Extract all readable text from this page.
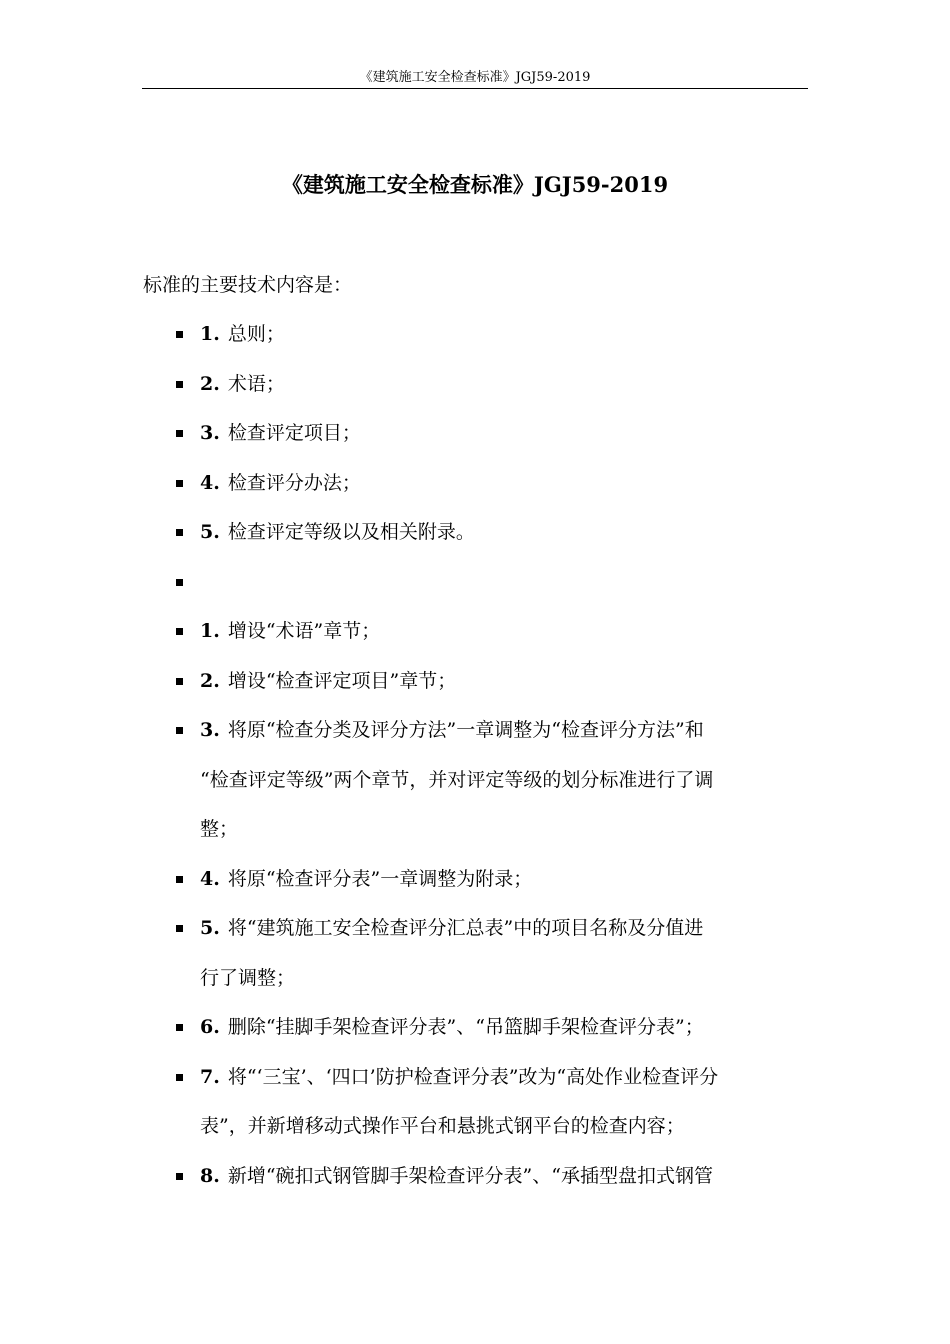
《建筑施工安全检查标准》JGJ59-2019
《建筑施工安全检查标准》JGJ59-2019

标准的主要技术内容是：

1. 总则；
2. 术语；
3. 检查评定项目；
4. 检查评分办法；
5. 检查评定等级以及相关附录。
1. 增设“术语”章节；
2. 增设“检查评定项目”章节；
3. 将原“检查分类及评分方法”一章调整为“检查评分方法”和
“检查评定等级”两个章节，并对评定等级的划分标准进行了调
整；
4. 将原“检查评分表”一章调整为附录；
5. 将“建筑施工安全检查评分汇总表”中的项目名称及分值进
行了调整；
6. 删除“挂脚手架检查评分表”、“吊篮脚手架检查评分表”；
7. 将“‘三宝’、‘四口’防护检查评分表”改为“高处作业检查评分
表”，并新增移动式操作平台和悬挑式钢平台的检查内容；
8. 新增“碗扣式钢管脚手架检查评分表”、“承插型盘扣式钢管
